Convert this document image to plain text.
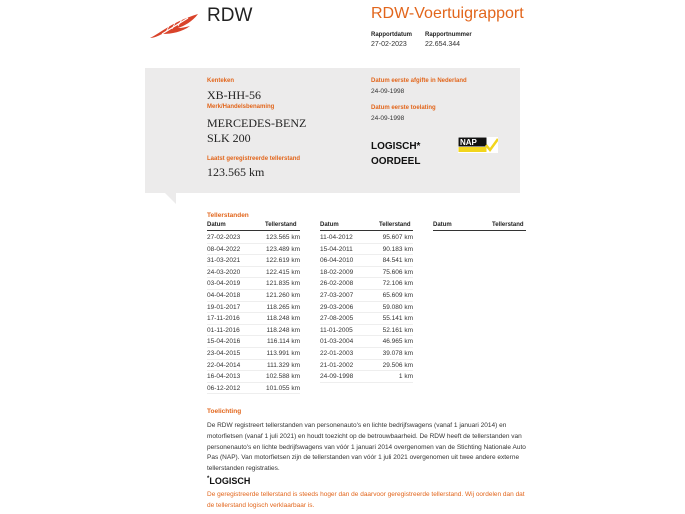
RDW	RDW-Voertuigrapport
Rapportdatum Rapportnummer
27-02-2023	22.654.344
Kenteken
XB-HH-56
Merk/Handelsbenaming
MERCEDES-BENZ
SLK 200
Laatst geregistreerde tellerstand
123.565 km
Datum eerste afgifte in Nederland
24-09-1998
Datum eerste toelating
24-09-1998
LOGISCH*
OORDEEL
NAP
Tellerstanden
Datum	Tellerstand	Datum	Tellerstand	Datum	Tellerstand
27-02-2023	123.565 km
08-04-2022	123.489 km
31-03-2021	122.619 km
24-03-2020	122.415 km
03-04-2019	121.835 km
04-04-2018	121.260 km
19-01-2017	118.265 km
17-11-2016	118.248 km
01-11-2016	118.248 km
15-04-2016	116.114 km
23-04-2015	113.991 km
22-04-2014	111.329 km
16-04-2013	102.588 km
06-12-2012	101.055 km
11-04-2012	95.607 km
15-04-2011	90.183 km
06-04-2010	84.541 km
18-02-2009	75.606 km
26-02-2008	72.106 km
27-03-2007	65.609 km
29-03-2006	59.080 km
27-08-2005	55.141 km
11-01-2005	52.161 km
01-03-2004	46.965 km
22-01-2003	39.078 km
21-01-2002	29.506 km
24-09-1998	1 km
Toelichting
De RDW registreert tellerstanden van personenauto's en lichte bedrijfswagens (vanaf 1 januari 2014) en motorfietsen (vanaf 1 juli 2021) en houdt toezicht op de betrouwbaarheid. De RDW heeft de tellerstanden van personenauto's en lichte bedrijfswagens van vóór 1 januari 2014 overgenomen van de Stichting Nationale Auto Pas (NAP). Van motorfietsen zijn de tellerstanden van vóór 1 juli 2021 overgenomen uit twee andere externe tellerstanden registraties.
*LOGISCH
De geregistreerde tellerstand is steeds hoger dan de daarvoor geregistreerde tellerstand. Wij oordelen dan dat de tellerstand logisch verklaarbaar is.
